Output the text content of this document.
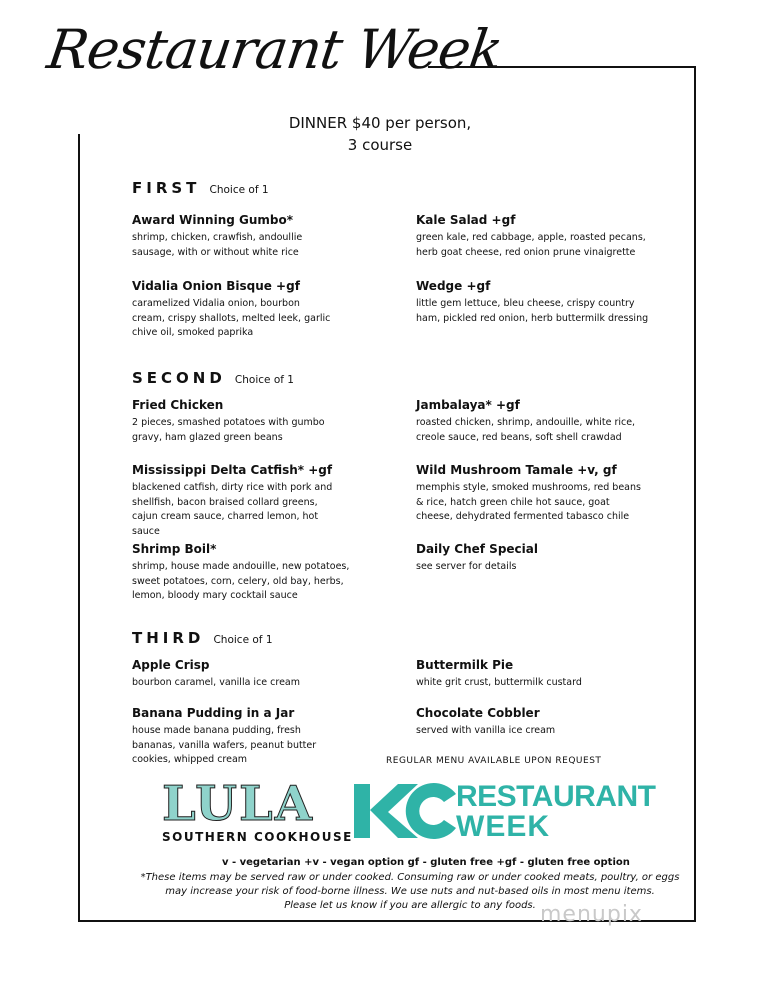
Restaurant Week
DINNER $40 per person,
3 course
FIRST Choice of 1
Award Winning Gumbo*
shrimp, chicken, crawfish, andoullie sausage, with or without white rice
Kale Salad +gf
green kale, red cabbage, apple, roasted pecans, herb goat cheese, red onion prune vinaigrette
Vidalia Onion Bisque +gf
caramelized Vidalia onion, bourbon cream, crispy shallots, melted leek, garlic chive oil, smoked paprika
Wedge +gf
little gem lettuce, bleu cheese, crispy country ham, pickled red onion, herb buttermilk dressing
SECOND Choice of 1
Fried Chicken
2 pieces, smashed potatoes with gumbo gravy, ham glazed green beans
Jambalaya* +gf
roasted chicken, shrimp, andouille, white rice, creole sauce, red beans, soft shell crawdad
Mississippi Delta Catfish* +gf
blackened catfish, dirty rice with pork and shellfish, bacon braised collard greens, cajun cream sauce, charred lemon, hot sauce
Wild Mushroom Tamale +v, gf
memphis style, smoked mushrooms, red beans & rice, hatch green chile hot sauce, goat cheese, dehydrated fermented tabasco chile
Shrimp Boil*
shrimp, house made andouille, new potatoes, sweet potatoes, corn, celery, old bay, herbs, lemon, bloody mary cocktail sauce
Daily Chef Special
see server for details
THIRD Choice of 1
Apple Crisp
bourbon caramel, vanilla ice cream
Buttermilk Pie
white grit crust, buttermilk custard
Banana Pudding in a Jar
house made banana pudding, fresh bananas, vanilla wafers, peanut butter cookies, whipped cream
Chocolate Cobbler
served with vanilla ice cream
REGULAR MENU AVAILABLE UPON REQUEST
LULA
SOUTHERN COOKHOUSE
RESTAURANT
WEEK
v - vegetarian +v - vegan option gf - gluten free +gf - gluten free option
*These items may be served raw or under cooked. Consuming raw or under cooked meats, poultry, or eggs
may increase your risk of food-borne illness. We use nuts and nut-based oils in most menu items.
Please let us know if you are allergic to any foods. menupix
